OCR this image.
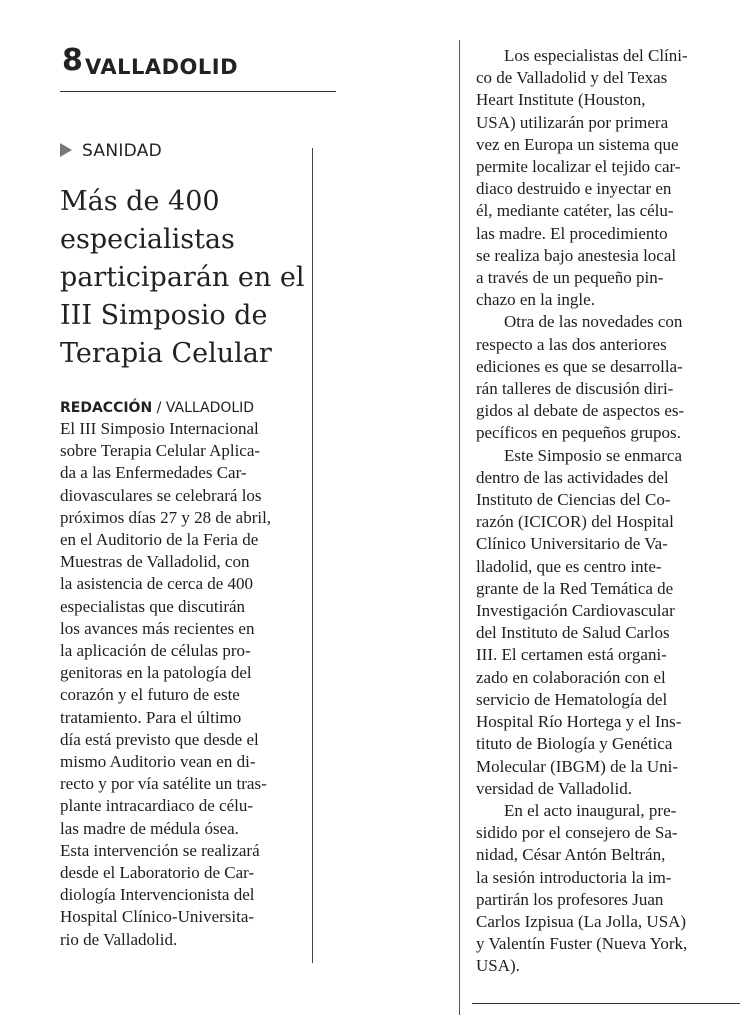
8 VALLADOLID
SANIDAD
Más de 400
especialistas
participarán en el
III Simposio de
Terapia Celular
REDACCIÓN / VALLADOLID
El III Simposio Internacional
sobre Terapia Celular Aplica-
da a las Enfermedades Car-
diovasculares se celebrará los
próximos días 27 y 28 de abril,
en el Auditorio de la Feria de
Muestras de Valladolid, con
la asistencia de cerca de 400
especialistas que discutirán
los avances más recientes en
la aplicación de células pro-
genitoras en la patología del
corazón y el futuro de este
tratamiento. Para el último
día está previsto que desde el
mismo Auditorio vean en di-
recto y por vía satélite un tras-
plante intracardiaco de célu-
las madre de médula ósea.
Esta intervención se realizará
desde el Laboratorio de Car-
diología Intervencionista del
Hospital Clínico-Universita-
rio de Valladolid.
Los especialistas del Clíni-
co de Valladolid y del Texas
Heart Institute (Houston,
USA) utilizarán por primera
vez en Europa un sistema que
permite localizar el tejido car-
diaco destruido e inyectar en
él, mediante catéter, las célu-
las madre. El procedimiento
se realiza bajo anestesia local
a través de un pequeño pin-
chazo en la ingle.
Otra de las novedades con
respecto a las dos anteriores
ediciones es que se desarrolla-
rán talleres de discusión diri-
gidos al debate de aspectos es-
pecíficos en pequeños grupos.
Este Simposio se enmarca
dentro de las actividades del
Instituto de Ciencias del Co-
razón (ICICOR) del Hospital
Clínico Universitario de Va-
lladolid, que es centro inte-
grante de la Red Temática de
Investigación Cardiovascular
del Instituto de Salud Carlos
III. El certamen está organi-
zado en colaboración con el
servicio de Hematología del
Hospital Río Hortega y el Ins-
tituto de Biología y Genética
Molecular (IBGM) de la Uni-
versidad de Valladolid.
En el acto inaugural, pre-
sidido por el consejero de Sa-
nidad, César Antón Beltrán,
la sesión introductoria la im-
partirán los profesores Juan
Carlos Izpisua (La Jolla, USA)
y Valentín Fuster (Nueva York,
USA).
